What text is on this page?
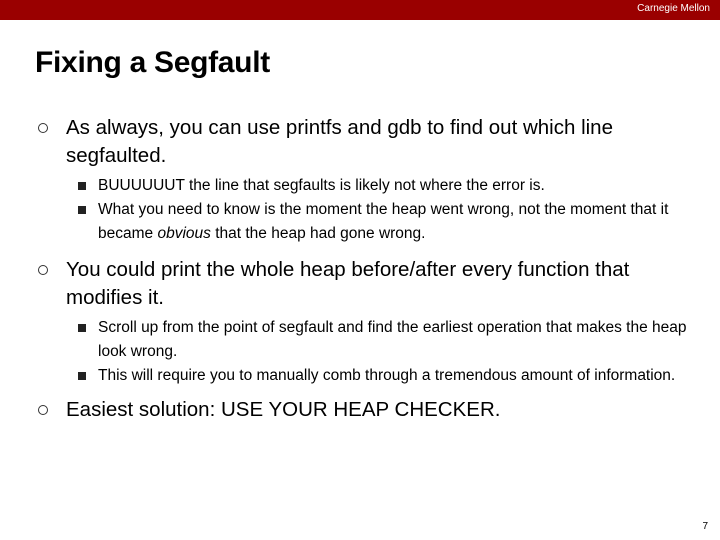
Carnegie Mellon
Fixing a Segfault
As always, you can use printfs and gdb to find out which line segfaulted.
BUUUUUUT the line that segfaults is likely not where the error is.
What you need to know is the moment the heap went wrong, not the moment that it became obvious that the heap had gone wrong.
You could print the whole heap before/after every function that modifies it.
Scroll up from the point of segfault and find the earliest operation that makes the heap look wrong.
This will require you to manually comb through a tremendous amount of information.
Easiest solution: USE YOUR HEAP CHECKER.
7
